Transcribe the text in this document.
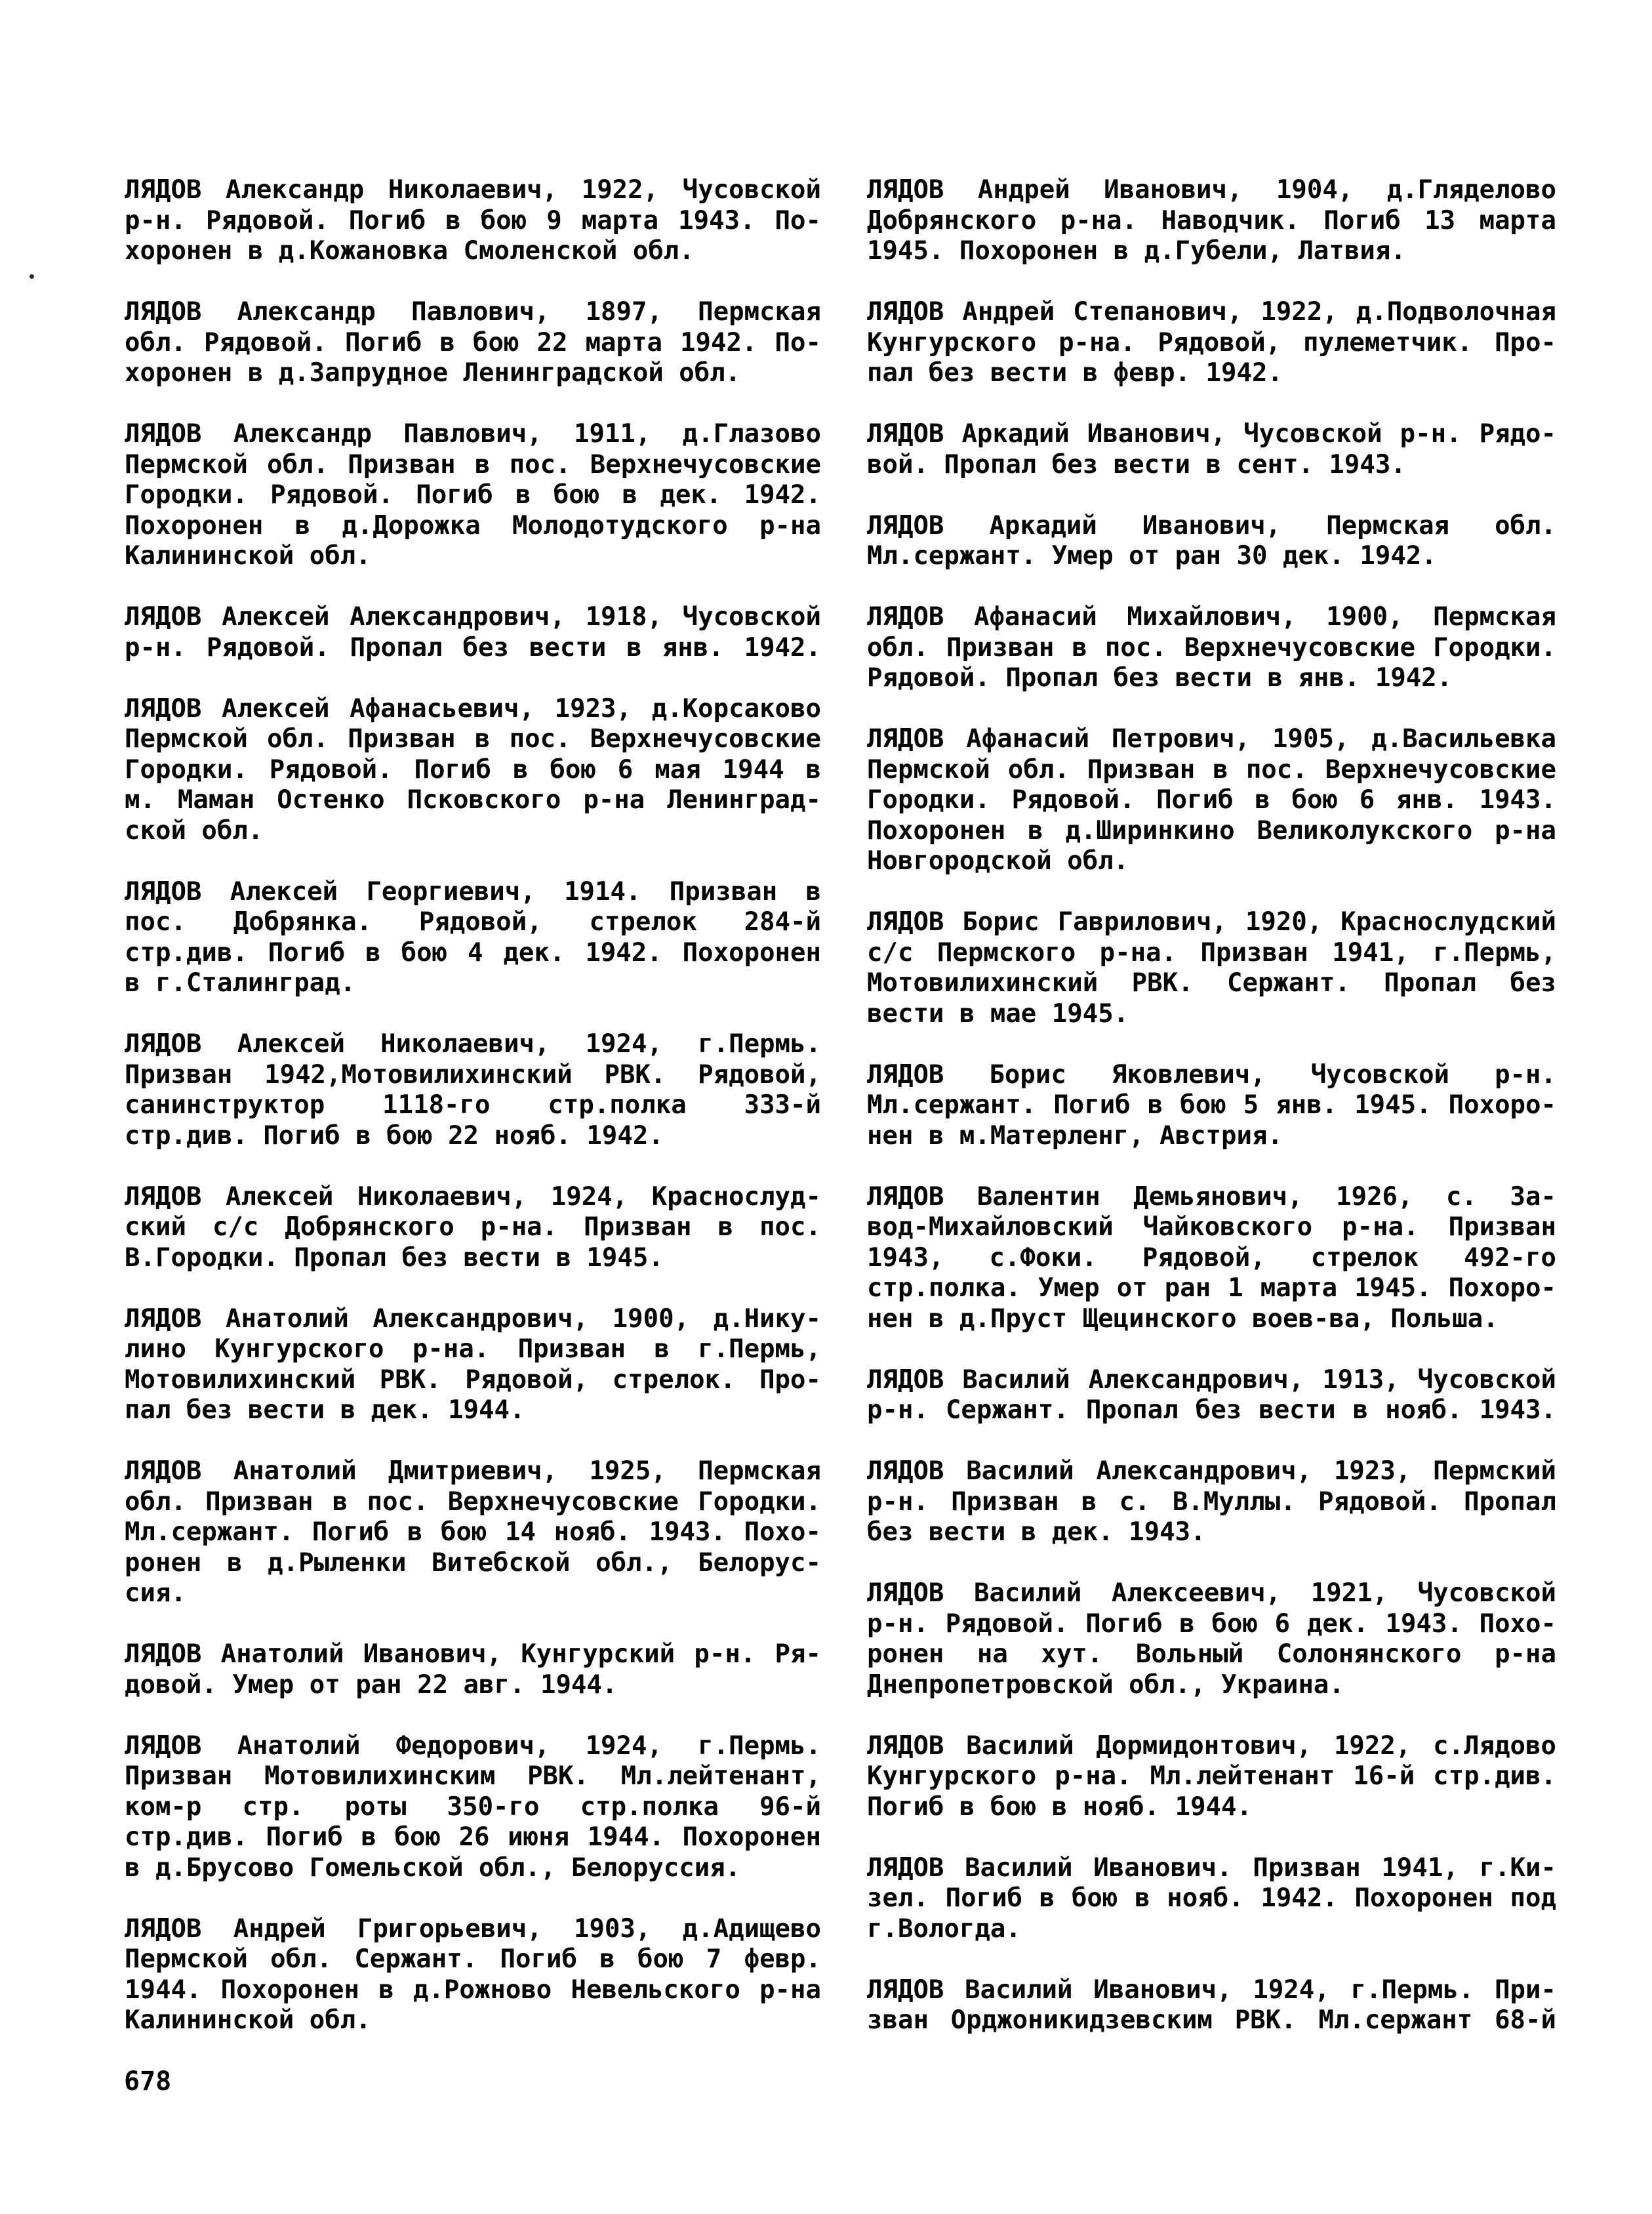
ЛЯДОВ Александр Николаевич, 1922, Чусовской
р-н. Рядовой. Погиб в бою 9 марта 1943. По-
хоронен в д.Кожановка Смоленской обл.
ЛЯДОВ Александр Павлович, 1897, Пермская
обл. Рядовой. Погиб в бою 22 марта 1942. По-
хоронен в д.Запрудное Ленинградской обл.
ЛЯДОВ Александр Павлович, 1911, д.Глазово
Пермской обл. Призван в пос. Верхнечусовские
Городки. Рядовой. Погиб в бою в дек. 1942.
Похоронен в д.Дорожка Молодотудского р-на
Калининской обл.
ЛЯДОВ Алексей Александрович, 1918, Чусовской
р-н. Рядовой. Пропал без вести в янв. 1942.
ЛЯДОВ Алексей Афанасьевич, 1923, д.Корсаково
Пермской обл. Призван в пос. Верхнечусовские
Городки. Рядовой. Погиб в бою 6 мая 1944 в
м. Маман Остенко Псковского р-на Ленинград-
ской обл.
ЛЯДОВ Алексей Георгиевич, 1914. Призван в
пос. Добрянка. Рядовой, стрелок 284-й
стр.див. Погиб в бою 4 дек. 1942. Похоронен
в г.Сталинград.
ЛЯДОВ Алексей Николаевич, 1924, г.Пермь.
Призван 1942,Мотовилихинский РВК. Рядовой,
санинструктор 1118-го стр.полка 333-й
стр.див. Погиб в бою 22 нояб. 1942.
ЛЯДОВ Алексей Николаевич, 1924, Краснослуд-
ский с/с Добрянского р-на. Призван в пос.
В.Городки. Пропал без вести в 1945.
ЛЯДОВ Анатолий Александрович, 1900, д.Нику-
лино Кунгурского р-на. Призван в г.Пермь,
Мотовилихинский РВК. Рядовой, стрелок. Про-
пал без вести в дек. 1944.
ЛЯДОВ Анатолий Дмитриевич, 1925, Пермская
обл. Призван в пос. Верхнечусовские Городки.
Мл.сержант. Погиб в бою 14 нояб. 1943. Похо-
ронен в д.Рыленки Витебской обл., Белорус-
сия.
ЛЯДОВ Анатолий Иванович, Кунгурский р-н. Ря-
довой. Умер от ран 22 авг. 1944.
ЛЯДОВ Анатолий Федорович, 1924, г.Пермь.
Призван Мотовилихинским РВК. Мл.лейтенант,
ком-р стр. роты 350-го стр.полка 96-й
стр.див. Погиб в бою 26 июня 1944. Похоронен
в д.Брусово Гомельской обл., Белоруссия.
ЛЯДОВ Андрей Григорьевич, 1903, д.Адищево
Пермской обл. Сержант. Погиб в бою 7 февр.
1944. Похоронен в д.Рожново Невельского р-на
Калининской обл.
ЛЯДОВ Андрей Иванович, 1904, д.Гляделово
Добрянского р-на. Наводчик. Погиб 13 марта
1945. Похоронен в д.Губели, Латвия.
ЛЯДОВ Андрей Степанович, 1922, д.Подволочная
Кунгурского р-на. Рядовой, пулеметчик. Про-
пал без вести в февр. 1942.
ЛЯДОВ Аркадий Иванович, Чусовской р-н. Рядо-
вой. Пропал без вести в сент. 1943.
ЛЯДОВ Аркадий Иванович, Пермская обл.
Мл.сержант. Умер от ран 30 дек. 1942.
ЛЯДОВ Афанасий Михайлович, 1900, Пермская
обл. Призван в пос. Верхнечусовские Городки.
Рядовой. Пропал без вести в янв. 1942.
ЛЯДОВ Афанасий Петрович, 1905, д.Васильевка
Пермской обл. Призван в пос. Верхнечусовские
Городки. Рядовой. Погиб в бою 6 янв. 1943.
Похоронен в д.Ширинкино Великолукского р-на
Новгородской обл.
ЛЯДОВ Борис Гаврилович, 1920, Краснослудский
с/с Пермского р-на. Призван 1941, г.Пермь,
Мотовилихинский РВК. Сержант. Пропал без
вести в мае 1945.
ЛЯДОВ Борис Яковлевич, Чусовской р-н.
Мл.сержант. Погиб в бою 5 янв. 1945. Похоро-
нен в м.Матерленг, Австрия.
ЛЯДОВ Валентин Демьянович, 1926, с. За-
вод-Михайловский Чайковского р-на. Призван
1943, с.Фоки. Рядовой, стрелок 492-го
стр.полка. Умер от ран 1 марта 1945. Похоро-
нен в д.Пруст Щецинского воев-ва, Польша.
ЛЯДОВ Василий Александрович, 1913, Чусовской
р-н. Сержант. Пропал без вести в нояб. 1943.
ЛЯДОВ Василий Александрович, 1923, Пермский
р-н. Призван в с. В.Муллы. Рядовой. Пропал
без вести в дек. 1943.
ЛЯДОВ Василий Алексеевич, 1921, Чусовской
р-н. Рядовой. Погиб в бою 6 дек. 1943. Похо-
ронен на хут. Вольный Солонянского р-на
Днепропетровской обл., Украина.
ЛЯДОВ Василий Дормидонтович, 1922, с.Лядово
Кунгурского р-на. Мл.лейтенант 16-й стр.див.
Погиб в бою в нояб. 1944.
ЛЯДОВ Василий Иванович. Призван 1941, г.Ки-
зел. Погиб в бою в нояб. 1942. Похоронен под
г.Вологда.
ЛЯДОВ Василий Иванович, 1924, г.Пермь. При-
зван Орджоникидзевским РВК. Мл.сержант 68-й
678
